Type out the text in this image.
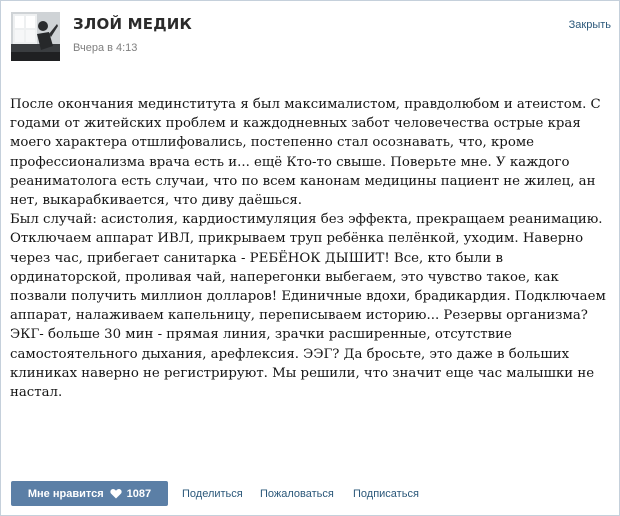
ЗЛОЙ МЕДИК
Вчера в 4:13
Закрыть

После окончания мединститута я был максималистом, правдолюбом и атеистом. С годами от житейских проблем и каждодневных забот человечества острые края моего характера отшлифовались, постепенно стал осознавать, что, кроме профессионализма врача есть и... ещё Кто-то свыше. Поверьте мне. У каждого реаниматолога есть случаи, что по всем канонам медицины пациент не жилец, ан нет, выкарабкивается, что диву даёшься.

Был случай: асистолия, кардиостимуляция без эффекта, прекращаем реанимацию. Отключаем аппарат ИВЛ, прикрываем труп ребёнка пелёнкой, уходим. Наверно через час, прибегает санитарка - РЕБЁНОК ДЫШИТ! Все, кто были в ординаторской, проливая чай, наперегонки выбегаем, это чувство такое, как позвали получить миллион долларов! Единичные вдохи, брадикардия. Подключаем аппарат, налаживаем капельницу, переписываем историю... Резервы организма? ЭКГ- больше 30 мин - прямая линия, зрачки расширенные, отсутствие самостоятельного дыхания, арефлексия. ЭЭГ? Да бросьте, это даже в больших клиниках наверно не регистрируют. Мы решили, что значит еще час малышки не настал.

Мне нравится 1087	Поделиться Пожаловаться Подписаться
